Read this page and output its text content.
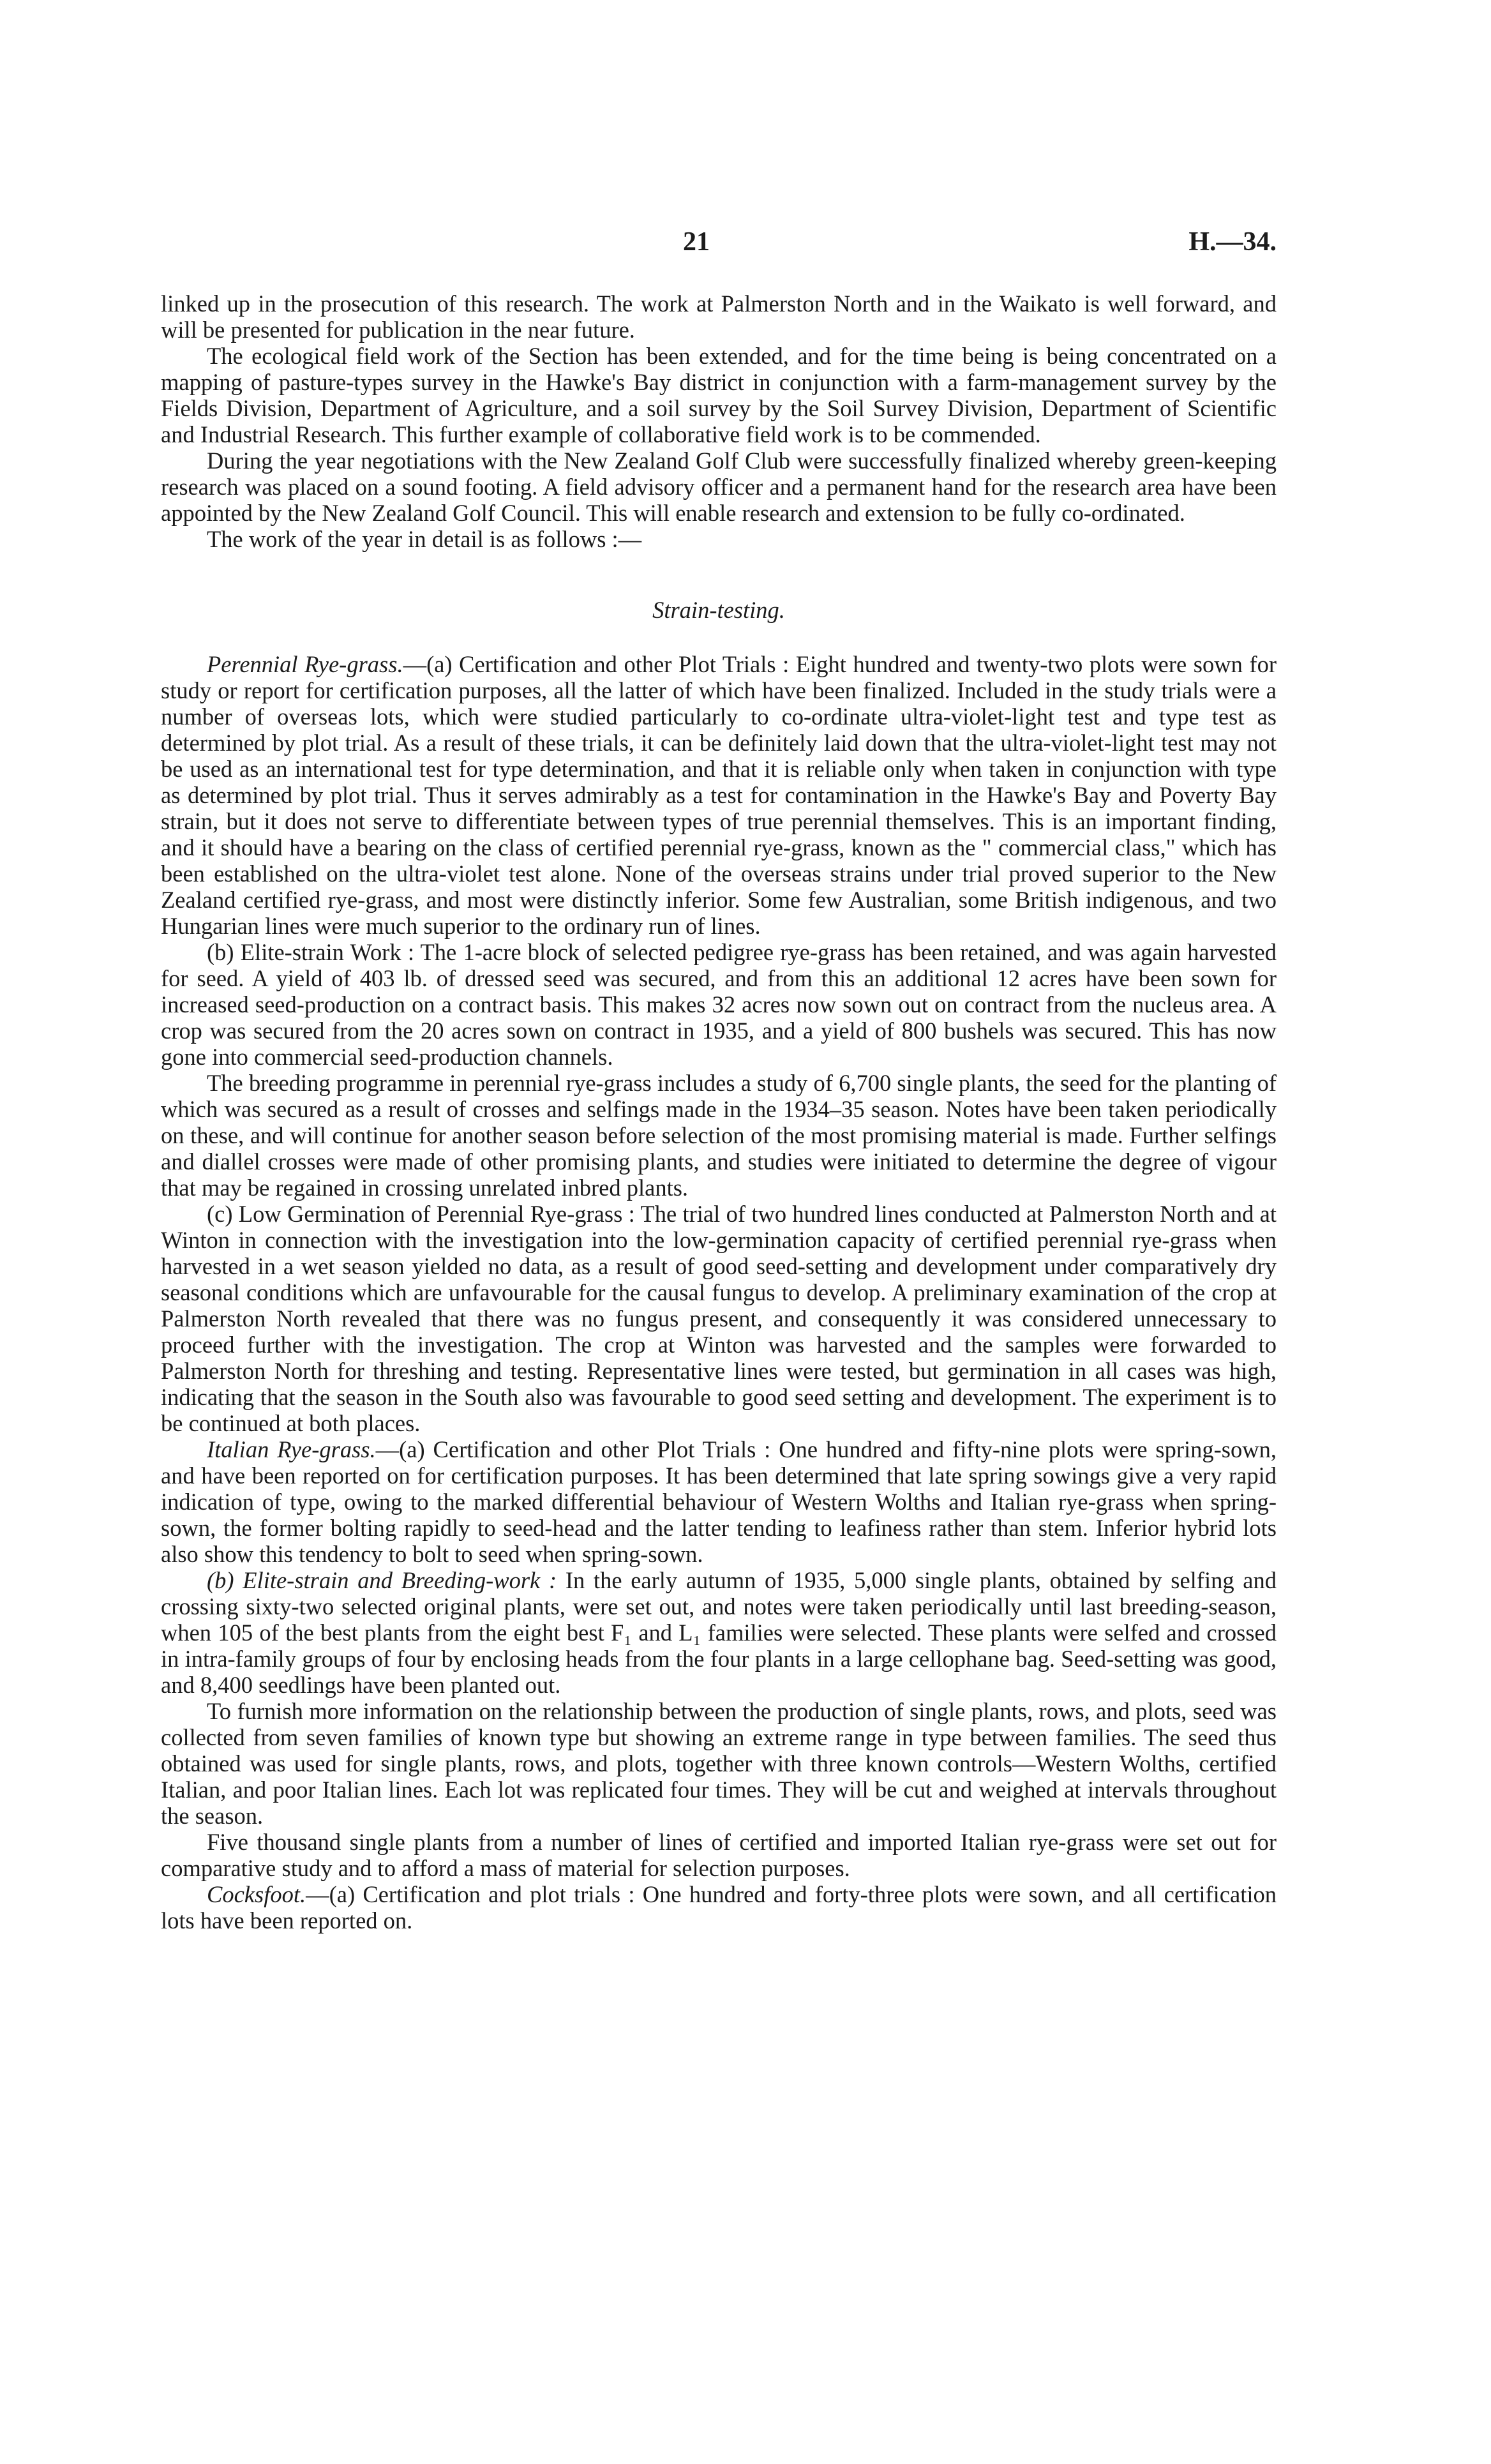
21	H.—34.

linked up in the prosecution of this research. The work at Palmerston North and in the Waikato is well forward, and will be presented for publication in the near future.

The ecological field work of the Section has been extended, and for the time being is being concentrated on a mapping of pasture-types survey in the Hawke's Bay district in conjunction with a farm-management survey by the Fields Division, Department of Agriculture, and a soil survey by the Soil Survey Division, Department of Scientific and Industrial Research. This further example of collaborative field work is to be commended.

During the year negotiations with the New Zealand Golf Club were successfully finalized whereby green-keeping research was placed on a sound footing. A field advisory officer and a permanent hand for the research area have been appointed by the New Zealand Golf Council. This will enable research and extension to be fully co-ordinated.

The work of the year in detail is as follows :—

Strain-testing.

Perennial Rye-grass.—(a) Certification and other Plot Trials : Eight hundred and twenty-two plots were sown for study or report for certification purposes, all the latter of which have been finalized. Included in the study trials were a number of overseas lots, which were studied particularly to co-ordinate ultra-violet-light test and type test as determined by plot trial. As a result of these trials, it can be definitely laid down that the ultra-violet-light test may not be used as an international test for type determination, and that it is reliable only when taken in conjunction with type as determined by plot trial. Thus it serves admirably as a test for contamination in the Hawke's Bay and Poverty Bay strain, but it does not serve to differentiate between types of true perennial themselves. This is an important finding, and it should have a bearing on the class of certified perennial rye-grass, known as the " commercial class," which has been established on the ultra-violet test alone. None of the overseas strains under trial proved superior to the New Zealand certified rye-grass, and most were distinctly inferior. Some few Australian, some British indigenous, and two Hungarian lines were much superior to the ordinary run of lines.

(b) Elite-strain Work : The 1-acre block of selected pedigree rye-grass has been retained, and was again harvested for seed. A yield of 403 lb. of dressed seed was secured, and from this an additional 12 acres have been sown for increased seed-production on a contract basis. This makes 32 acres now sown out on contract from the nucleus area. A crop was secured from the 20 acres sown on contract in 1935, and a yield of 800 bushels was secured. This has now gone into commercial seed-production channels.

The breeding programme in perennial rye-grass includes a study of 6,700 single plants, the seed for the planting of which was secured as a result of crosses and selfings made in the 1934–35 season. Notes have been taken periodically on these, and will continue for another season before selection of the most promising material is made. Further selfings and diallel crosses were made of other promising plants, and studies were initiated to determine the degree of vigour that may be regained in crossing unrelated inbred plants.

(c) Low Germination of Perennial Rye-grass : The trial of two hundred lines conducted at Palmerston North and at Winton in connection with the investigation into the low-germination capacity of certified perennial rye-grass when harvested in a wet season yielded no data, as a result of good seed-setting and development under comparatively dry seasonal conditions which are unfavourable for the causal fungus to develop. A preliminary examination of the crop at Palmerston North revealed that there was no fungus present, and consequently it was considered unnecessary to proceed further with the investigation. The crop at Winton was harvested and the samples were forwarded to Palmerston North for threshing and testing. Representative lines were tested, but germination in all cases was high, indicating that the season in the South also was favourable to good seed setting and development. The experiment is to be continued at both places.

Italian Rye-grass.—(a) Certification and other Plot Trials : One hundred and fifty-nine plots were spring-sown, and have been reported on for certification purposes. It has been determined that late spring sowings give a very rapid indication of type, owing to the marked differential behaviour of Western Wolths and Italian rye-grass when spring-sown, the former bolting rapidly to seed-head and the latter tending to leafiness rather than stem. Inferior hybrid lots also show this tendency to bolt to seed when spring-sown.

(b) Elite-strain and Breeding-work : In the early autumn of 1935, 5,000 single plants, obtained by selfing and crossing sixty-two selected original plants, were set out, and notes were taken periodically until last breeding-season, when 105 of the best plants from the eight best F₁ and L₁ families were selected. These plants were selfed and crossed in intra-family groups of four by enclosing heads from the four plants in a large cellophane bag. Seed-setting was good, and 8,400 seedlings have been planted out.

To furnish more information on the relationship between the production of single plants, rows, and plots, seed was collected from seven families of known type but showing an extreme range in type between families. The seed thus obtained was used for single plants, rows, and plots, together with three known controls—Western Wolths, certified Italian, and poor Italian lines. Each lot was replicated four times. They will be cut and weighed at intervals throughout the season.

Five thousand single plants from a number of lines of certified and imported Italian rye-grass were set out for comparative study and to afford a mass of material for selection purposes.

Cocksfoot.—(a) Certification and plot trials : One hundred and forty-three plots were sown, and all certification lots have been reported on.
